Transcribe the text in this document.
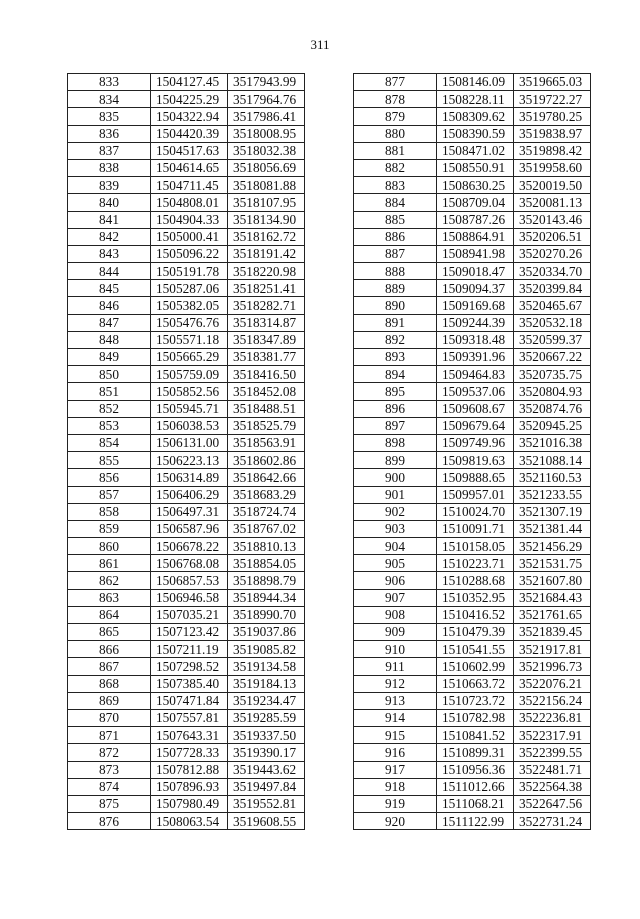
311
833	1504127.45	3517943.99
834	1504225.29	3517964.76
835	1504322.94	3517986.41
836	1504420.39	3518008.95
837	1504517.63	3518032.38
838	1504614.65	3518056.69
839	1504711.45	3518081.88
840	1504808.01	3518107.95
841	1504904.33	3518134.90
842	1505000.41	3518162.72
843	1505096.22	3518191.42
844	1505191.78	3518220.98
845	1505287.06	3518251.41
846	1505382.05	3518282.71
847	1505476.76	3518314.87
848	1505571.18	3518347.89
849	1505665.29	3518381.77
850	1505759.09	3518416.50
851	1505852.56	3518452.08
852	1505945.71	3518488.51
853	1506038.53	3518525.79
854	1506131.00	3518563.91
855	1506223.13	3518602.86
856	1506314.89	3518642.66
857	1506406.29	3518683.29
858	1506497.31	3518724.74
859	1506587.96	3518767.02
860	1506678.22	3518810.13
861	1506768.08	3518854.05
862	1506857.53	3518898.79
863	1506946.58	3518944.34
864	1507035.21	3518990.70
865	1507123.42	3519037.86
866	1507211.19	3519085.82
867	1507298.52	3519134.58
868	1507385.40	3519184.13
869	1507471.84	3519234.47
870	1507557.81	3519285.59
871	1507643.31	3519337.50
872	1507728.33	3519390.17
873	1507812.88	3519443.62
874	1507896.93	3519497.84
875	1507980.49	3519552.81
876	1508063.54	3519608.55
877	1508146.09	3519665.03
878	1508228.11	3519722.27
879	1508309.62	3519780.25
880	1508390.59	3519838.97
881	1508471.02	3519898.42
882	1508550.91	3519958.60
883	1508630.25	3520019.50
884	1508709.04	3520081.13
885	1508787.26	3520143.46
886	1508864.91	3520206.51
887	1508941.98	3520270.26
888	1509018.47	3520334.70
889	1509094.37	3520399.84
890	1509169.68	3520465.67
891	1509244.39	3520532.18
892	1509318.48	3520599.37
893	1509391.96	3520667.22
894	1509464.83	3520735.75
895	1509537.06	3520804.93
896	1509608.67	3520874.76
897	1509679.64	3520945.25
898	1509749.96	3521016.38
899	1509819.63	3521088.14
900	1509888.65	3521160.53
901	1509957.01	3521233.55
902	1510024.70	3521307.19
903	1510091.71	3521381.44
904	1510158.05	3521456.29
905	1510223.71	3521531.75
906	1510288.68	3521607.80
907	1510352.95	3521684.43
908	1510416.52	3521761.65
909	1510479.39	3521839.45
910	1510541.55	3521917.81
911	1510602.99	3521996.73
912	1510663.72	3522076.21
913	1510723.72	3522156.24
914	1510782.98	3522236.81
915	1510841.52	3522317.91
916	1510899.31	3522399.55
917	1510956.36	3522481.71
918	1511012.66	3522564.38
919	1511068.21	3522647.56
920	1511122.99	3522731.24
